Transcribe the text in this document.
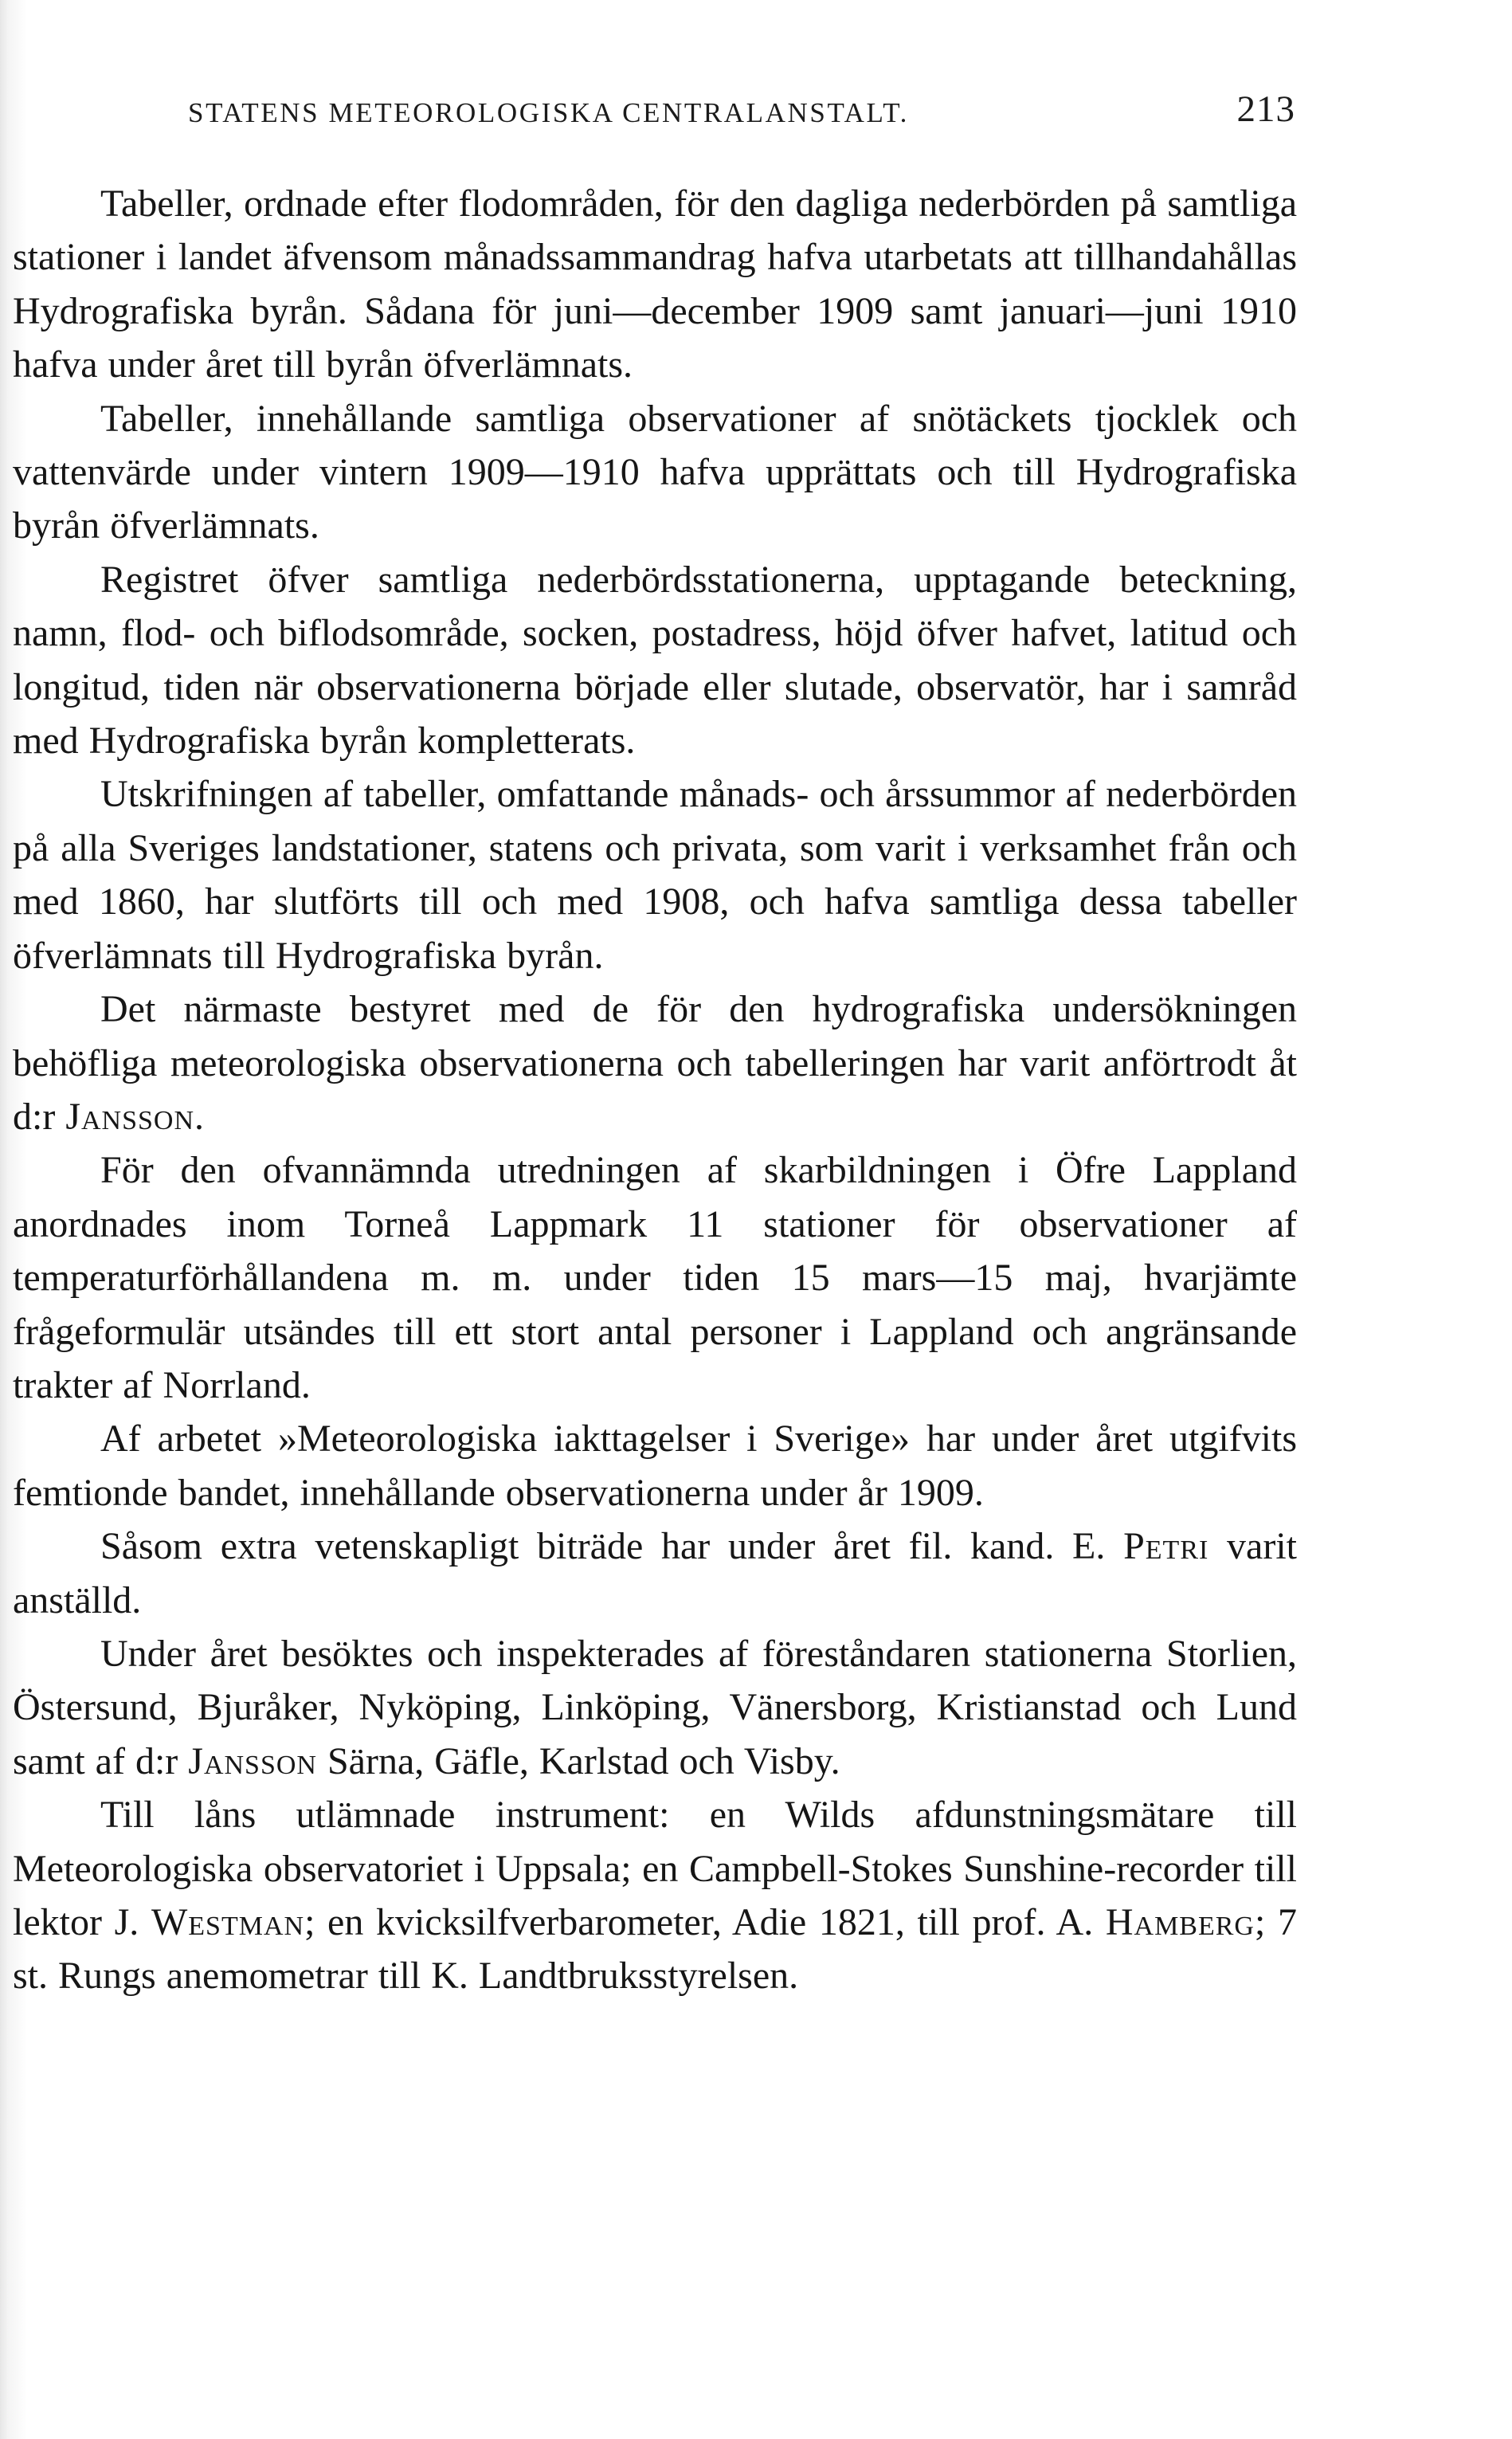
STATENS METEOROLOGISKA CENTRALANSTALT.	213

Tabeller, ordnade efter flodområden, för den dagliga nederbörden på samtliga stationer i landet äfvensom månadssammandrag hafva utarbetats att tillhandahållas Hydrografiska byrån. Sådana för juni—december 1909 samt januari—juni 1910 hafva under året till byrån öfverlämnats.

Tabeller, innehållande samtliga observationer af snötäckets tjocklek och vattenvärde under vintern 1909—1910 hafva upprättats och till Hydrografiska byrån öfverlämnats.

Registret öfver samtliga nederbördsstationerna, upptagande beteckning, namn, flod- och biflodsområde, socken, postadress, höjd öfver hafvet, latitud och longitud, tiden när observationerna började eller slutade, observatör, har i samråd med Hydrografiska byrån kompletterats.

Utskrifningen af tabeller, omfattande månads- och årssummor af nederbörden på alla Sveriges landstationer, statens och privata, som varit i verksamhet från och med 1860, har slutförts till och med 1908, och hafva samtliga dessa tabeller öfverlämnats till Hydrografiska byrån.

Det närmaste bestyret med de för den hydrografiska undersökningen behöfliga meteorologiska observationerna och tabelleringen har varit anförtrodt åt d:r Jansson.

För den ofvannämnda utredningen af skarbildningen i Öfre Lappland anordnades inom Torneå Lappmark 11 stationer för observationer af temperaturförhållandena m. m. under tiden 15 mars—15 maj, hvarjämte frågeformulär utsändes till ett stort antal personer i Lappland och angränsande trakter af Norrland.

Af arbetet »Meteorologiska iakttagelser i Sverige» har under året utgifvits femtionde bandet, innehållande observationerna under år 1909.

Såsom extra vetenskapligt biträde har under året fil. kand. E. Petri varit anställd.

Under året besöktes och inspekterades af föreståndaren stationerna Storlien, Östersund, Bjuråker, Nyköping, Linköping, Vänersborg, Kristianstad och Lund samt af d:r Jansson Särna, Gäfle, Karlstad och Visby.

Till låns utlämnade instrument: en Wilds afdunstningsmätare till Meteorologiska observatoriet i Uppsala; en Campbell-Stokes Sunshine-recorder till lektor J. Westman; en kvicksilfverbarometer, Adie 1821, till prof. A. Hamberg; 7 st. Rungs anemometrar till K. Landtbruksstyrelsen.
